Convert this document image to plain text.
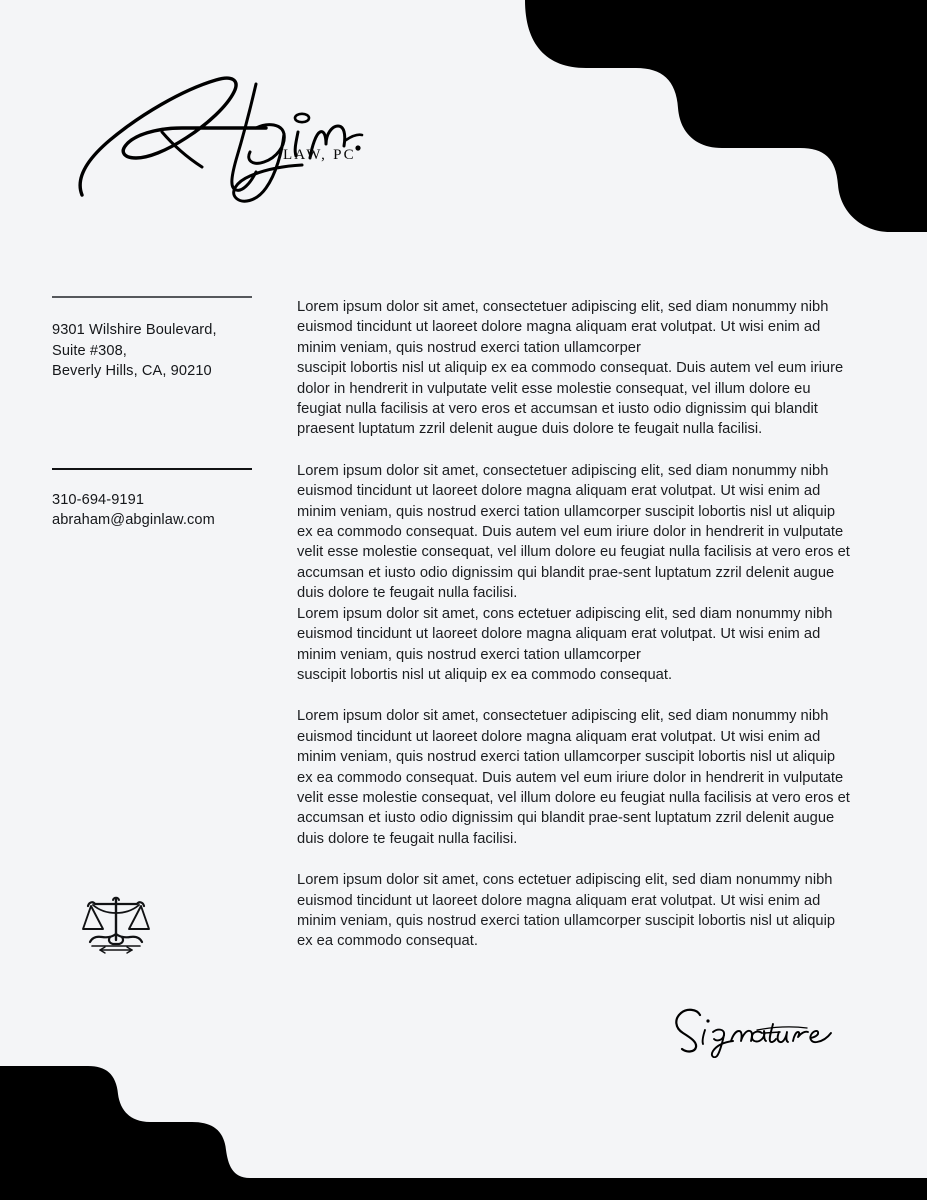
LAW, PC
9301 Wilshire Boulevard,
Suite #308,
Beverly Hills, CA, 90210
310-694-9191
abraham@abginlaw.com

Lorem ipsum dolor sit amet, consectetuer adipiscing elit, sed diam nonummy nibh euismod tincidunt ut laoreet dolore magna aliquam erat volutpat. Ut wisi enim ad minim veniam, quis nostrud exerci tation ullamcorper
suscipit lobortis nisl ut aliquip ex ea commodo consequat. Duis autem vel eum iriure dolor in hendrerit in vulputate velit esse molestie consequat, vel illum dolore eu feugiat nulla facilisis at vero eros et accumsan et iusto odio dignissim qui blandit praesent luptatum zzril delenit augue duis dolore te feugait nulla facilisi.

Lorem ipsum dolor sit amet, consectetuer adipiscing elit, sed diam nonummy nibh euismod tincidunt ut laoreet dolore magna aliquam erat volutpat. Ut wisi enim ad minim veniam, quis nostrud exerci tation ullamcorper suscipit lobortis nisl ut aliquip ex ea commodo consequat. Duis autem vel eum iriure dolor in hendrerit in vulputate velit esse molestie consequat, vel illum dolore eu feugiat nulla facilisis at vero eros et accumsan et iusto odio dignissim qui blandit prae-sent luptatum zzril delenit augue duis dolore te feugait nulla facilisi.
Lorem ipsum dolor sit amet, cons ectetuer adipiscing elit, sed diam nonummy nibh euismod tincidunt ut laoreet dolore magna aliquam erat volutpat. Ut wisi enim ad minim veniam, quis nostrud exerci tation ullamcorper
suscipit lobortis nisl ut aliquip ex ea commodo consequat.

Lorem ipsum dolor sit amet, consectetuer adipiscing elit, sed diam nonummy nibh euismod tincidunt ut laoreet dolore magna aliquam erat volutpat. Ut wisi enim ad minim veniam, quis nostrud exerci tation ullamcorper suscipit lobortis nisl ut aliquip ex ea commodo consequat. Duis autem vel eum iriure dolor in hendrerit in vulputate velit esse molestie consequat, vel illum dolore eu feugiat nulla facilisis at vero eros et accumsan et iusto odio dignissim qui blandit prae-sent luptatum zzril delenit augue duis dolore te feugait nulla facilisi.

Lorem ipsum dolor sit amet, cons ectetuer adipiscing elit, sed diam nonummy nibh euismod tincidunt ut laoreet dolore magna aliquam erat volutpat. Ut wisi enim ad minim veniam, quis nostrud exerci tation ullamcorper suscipit lobortis nisl ut aliquip ex ea commodo consequat.
